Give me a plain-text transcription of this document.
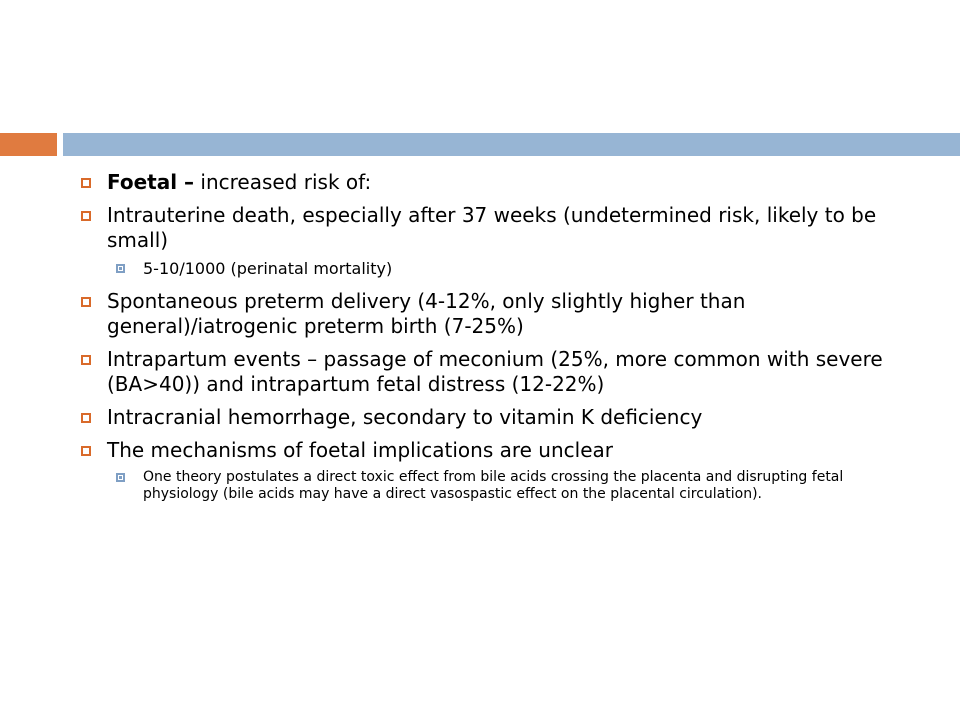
Foetal – increased risk of:
Intrauterine death, especially after 37 weeks (undetermined risk, likely to be small)
5-10/1000 (perinatal mortality)
Spontaneous preterm delivery (4-12%, only slightly higher than general)/iatrogenic preterm birth (7-25%)
Intrapartum events – passage of meconium (25%, more common with severe (BA>40)) and intrapartum fetal distress (12-22%)
Intracranial hemorrhage, secondary to vitamin K deficiency
The mechanisms of foetal implications are unclear
One theory postulates a direct toxic effect from bile acids crossing the placenta and disrupting fetal physiology (bile acids may have a direct vasospastic effect on the placental circulation).
